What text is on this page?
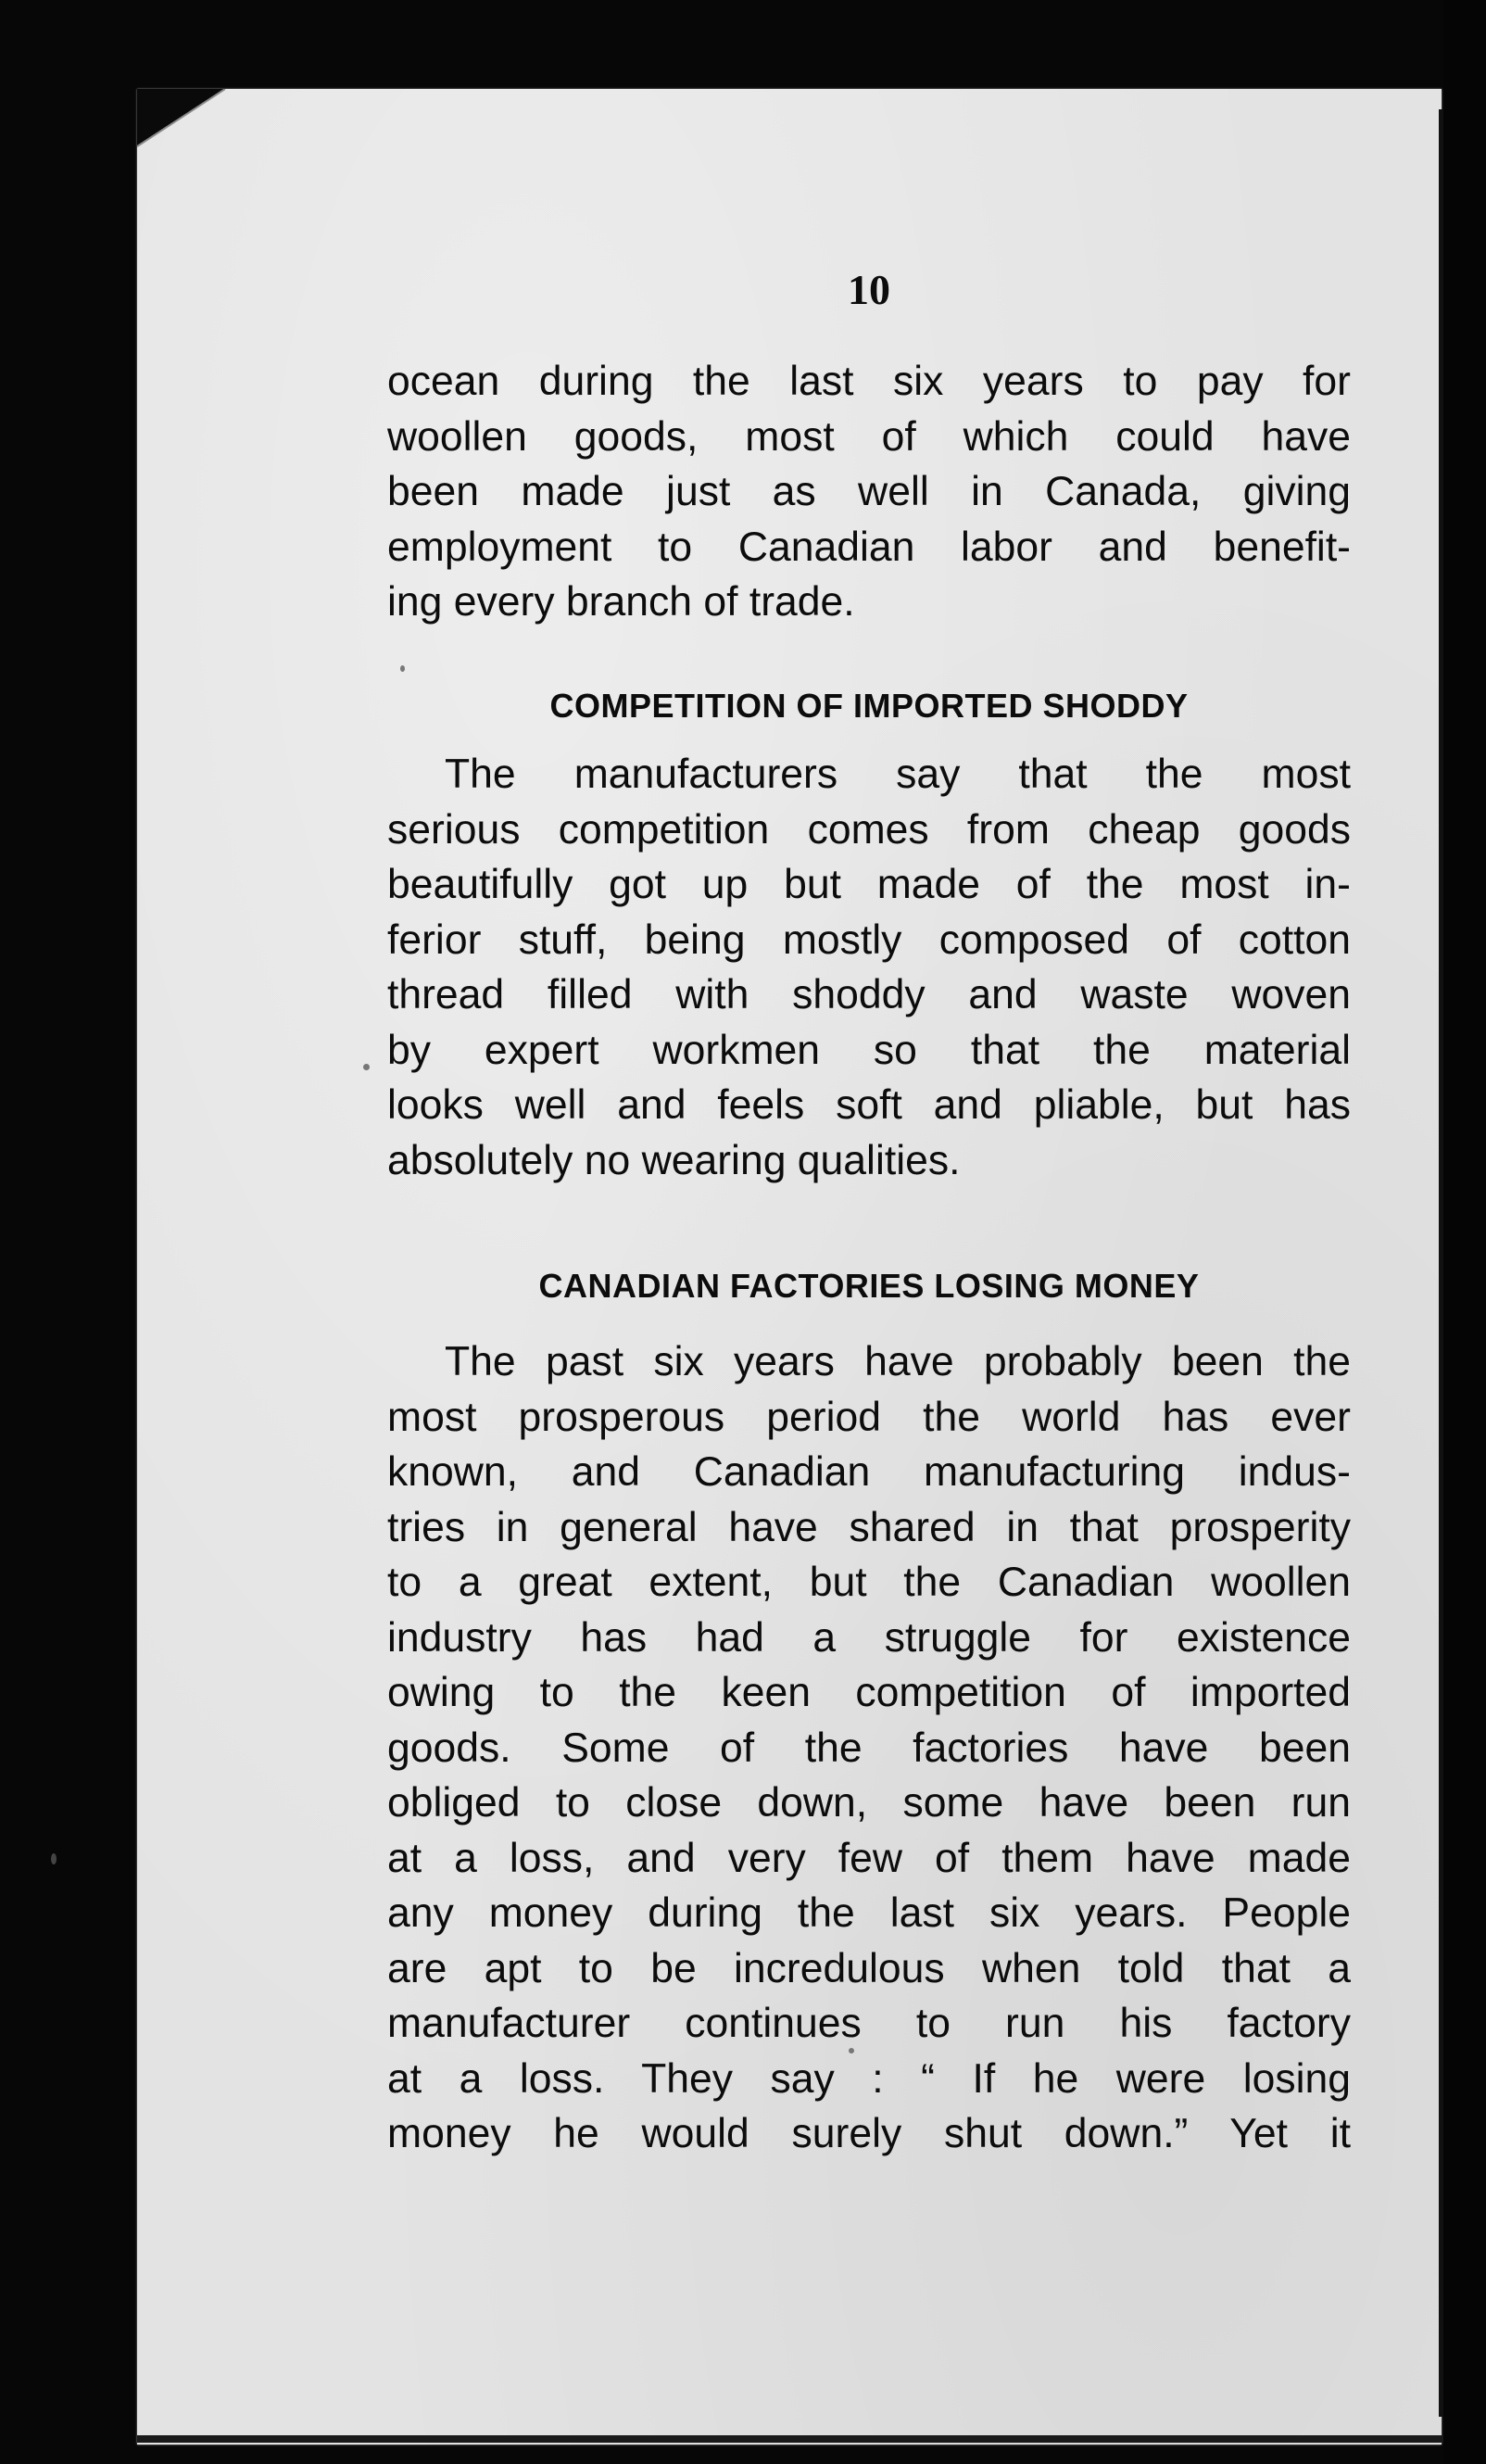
10
ocean during the last six years to pay for
woollen goods, most of which could have
been made just as well in Canada, giving
employment to Canadian labor and benefit-
ing every branch of trade.
COMPETITION OF IMPORTED SHODDY
The manufacturers say that the most
serious competition comes from cheap goods
beautifully got up but made of the most in-
ferior stuff, being mostly composed of cotton
thread filled with shoddy and waste woven
by expert workmen so that the material
looks well and feels soft and pliable, but has
absolutely no wearing qualities.
CANADIAN FACTORIES LOSING MONEY
The past six years have probably been the
most prosperous period the world has ever
known, and Canadian manufacturing indus-
tries in general have shared in that prosperity
to a great extent, but the Canadian woollen
industry has had a struggle for existence
owing to the keen competition of imported
goods. Some of the factories have been
obliged to close down, some have been run
at a loss, and very few of them have made
any money during the last six years. People
are apt to be incredulous when told that a
manufacturer continues to run his factory
at a loss. They say : “ If he were losing
money he would surely shut down.” Yet it
